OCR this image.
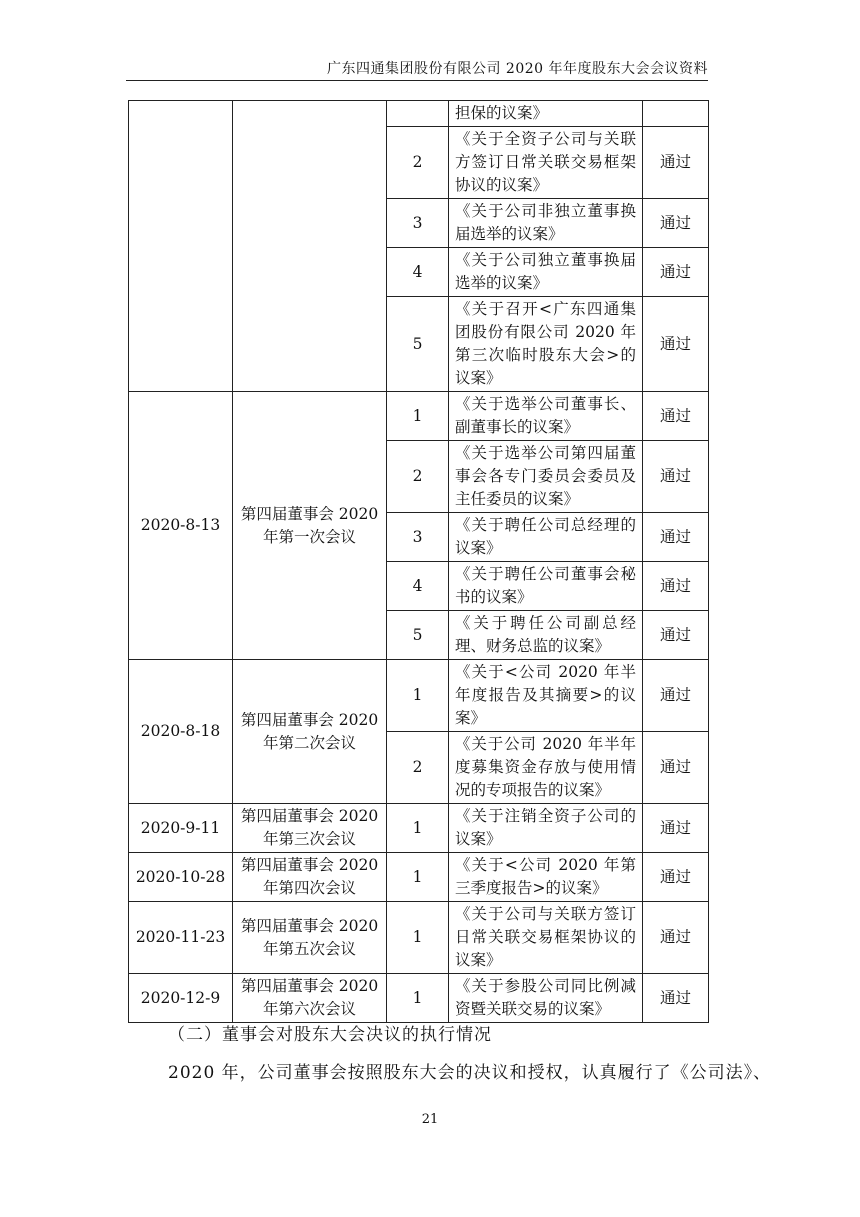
广东四通集团股份有限公司 2020 年年度股东大会会议资料
			担保的议案》	
		2	《关于全资子公司与关联方签订日常关联交易框架协议的议案》	通过
		3	《关于公司非独立董事换届选举的议案》	通过
		4	《关于公司独立董事换届选举的议案》	通过
		5	《关于召开<广东四通集团股份有限公司 2020 年第三次临时股东大会>的议案》	通过
2020-8-13	第四届董事会 2020 年第一次会议	1	《关于选举公司董事长、副董事长的议案》	通过
		2	《关于选举公司第四届董事会各专门委员会委员及主任委员的议案》	通过
		3	《关于聘任公司总经理的议案》	通过
		4	《关于聘任公司董事会秘书的议案》	通过
		5	《关于聘任公司副总经理、财务总监的议案》	通过
2020-8-18	第四届董事会 2020 年第二次会议	1	《关于<公司 2020 年半年度报告及其摘要>的议案》	通过
		2	《关于公司 2020 年半年度募集资金存放与使用情况的专项报告的议案》	通过
2020-9-11	第四届董事会 2020 年第三次会议	1	《关于注销全资子公司的议案》	通过
2020-10-28	第四届董事会 2020 年第四次会议	1	《关于<公司 2020 年第三季度报告>的议案》	通过
2020-11-23	第四届董事会 2020 年第五次会议	1	《关于公司与关联方签订日常关联交易框架协议的议案》	通过
2020-12-9	第四届董事会 2020 年第六次会议	1	《关于参股公司同比例减资暨关联交易的议案》	通过
（二）董事会对股东大会决议的执行情况
2020 年，公司董事会按照股东大会的决议和授权，认真履行了《公司法》、
21
